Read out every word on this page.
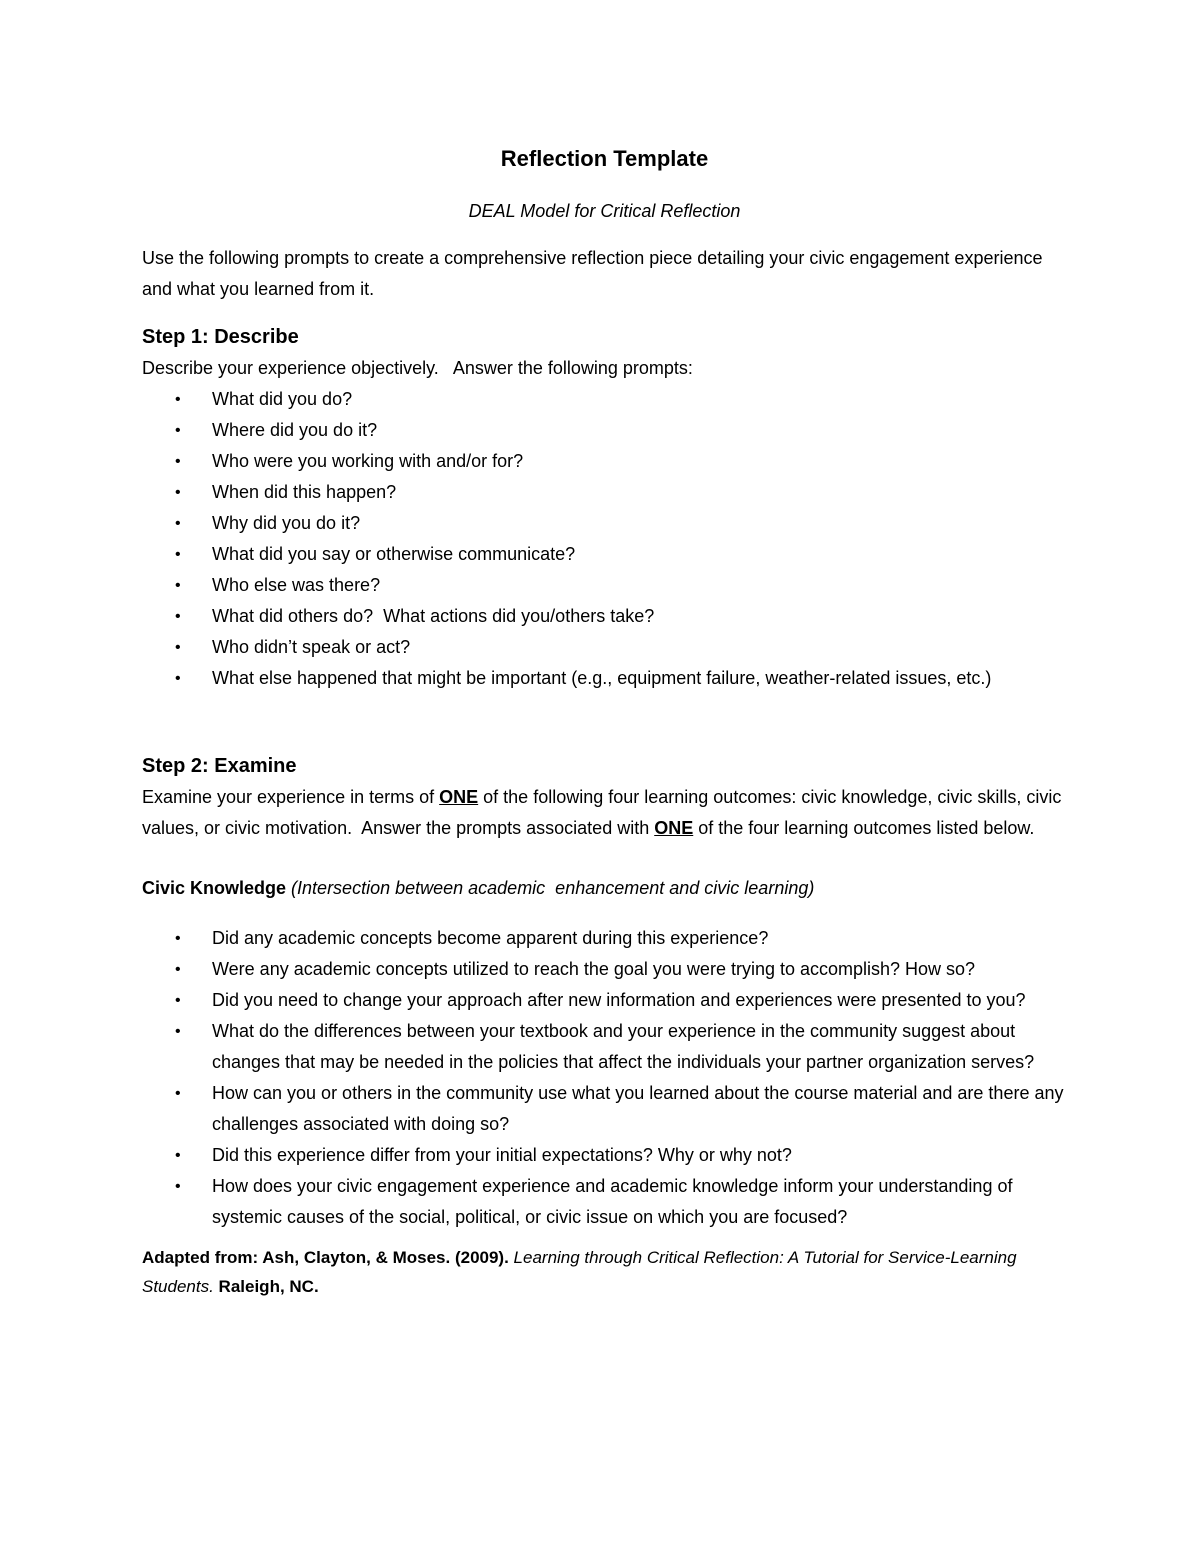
Reflection Template
DEAL Model for Critical Reflection

Use the following prompts to create a comprehensive reflection piece detailing your civic engagement experience and what you learned from it.

Step 1: Describe

Describe your experience objectively.   Answer the following prompts:

• What did you do?
• Where did you do it?
• Who were you working with and/or for?
• When did this happen?
• Why did you do it?
• What did you say or otherwise communicate?
• Who else was there?
• What did others do?  What actions did you/others take?
• Who didn’t speak or act?
• What else happened that might be important (e.g., equipment failure, weather-related issues, etc.)
Step 2: Examine

Examine your experience in terms of ONE of the following four learning outcomes: civic knowledge, civic skills, civic values, or civic motivation.  Answer the prompts associated with ONE of the four learning outcomes listed below.

Civic Knowledge (Intersection between academic  enhancement and civic learning)

• Did any academic concepts become apparent during this experience?
• Were any academic concepts utilized to reach the goal you were trying to accomplish? How so?
• Did you need to change your approach after new information and experiences were presented to you?
• What do the differences between your textbook and your experience in the community suggest about changes that may be needed in the policies that affect the individuals your partner organization serves?
• How can you or others in the community use what you learned about the course material and are there any challenges associated with doing so?
• Did this experience differ from your initial expectations? Why or why not?
• How does your civic engagement experience and academic knowledge inform your understanding of systemic causes of the social, political, or civic issue on which you are focused?

Adapted from: Ash, Clayton, & Moses. (2009). Learning through Critical Reflection: A Tutorial for Service-Learning Students. Raleigh, NC.
